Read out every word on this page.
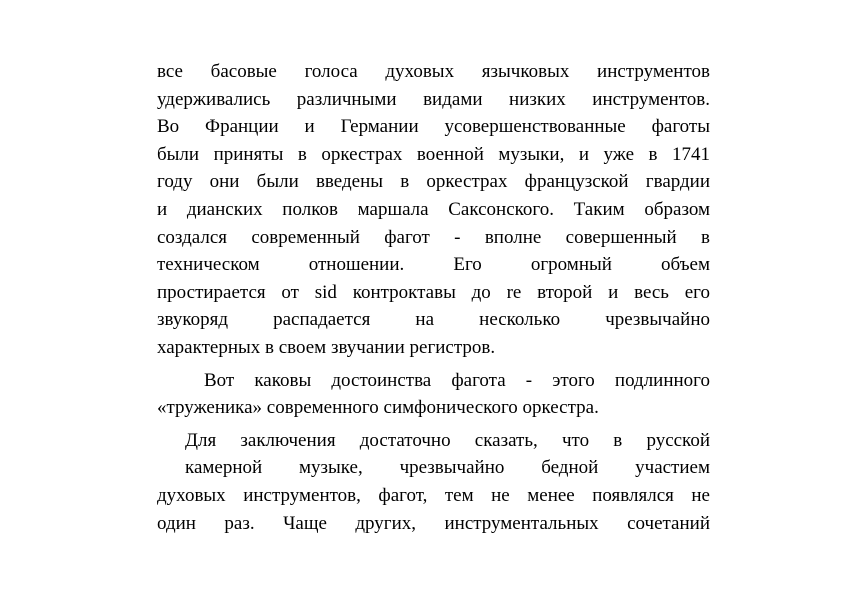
все басовые голоса духовых язычковых инструментов
удерживались различными видами низких инструментов.
Во Франции и Германии усовершенствованные фаготы
были приняты в оркестрах военной музыки, и уже в 1741
году они были введены в оркестрах французской гвардии
и дианских полков маршала Саксонского. Таким образом
создался современный фагот - вполне совершенный в
техническом отношении. Его огромный объем
простирается от sid контроктавы до re второй и весь его
звукоряд распадается на несколько чрезвычайно
характерных в своем звучании регистров.
Вот каковы достоинства фагота - этого подлинного
«труженика» современного симфонического оркестра.
Для заключения достаточно сказать, что в русской
камерной музыке, чрезвычайно бедной участием
духовых инструментов, фагот, тем не менее появлялся не
один раз. Чаще других, инструментальных сочетаний
